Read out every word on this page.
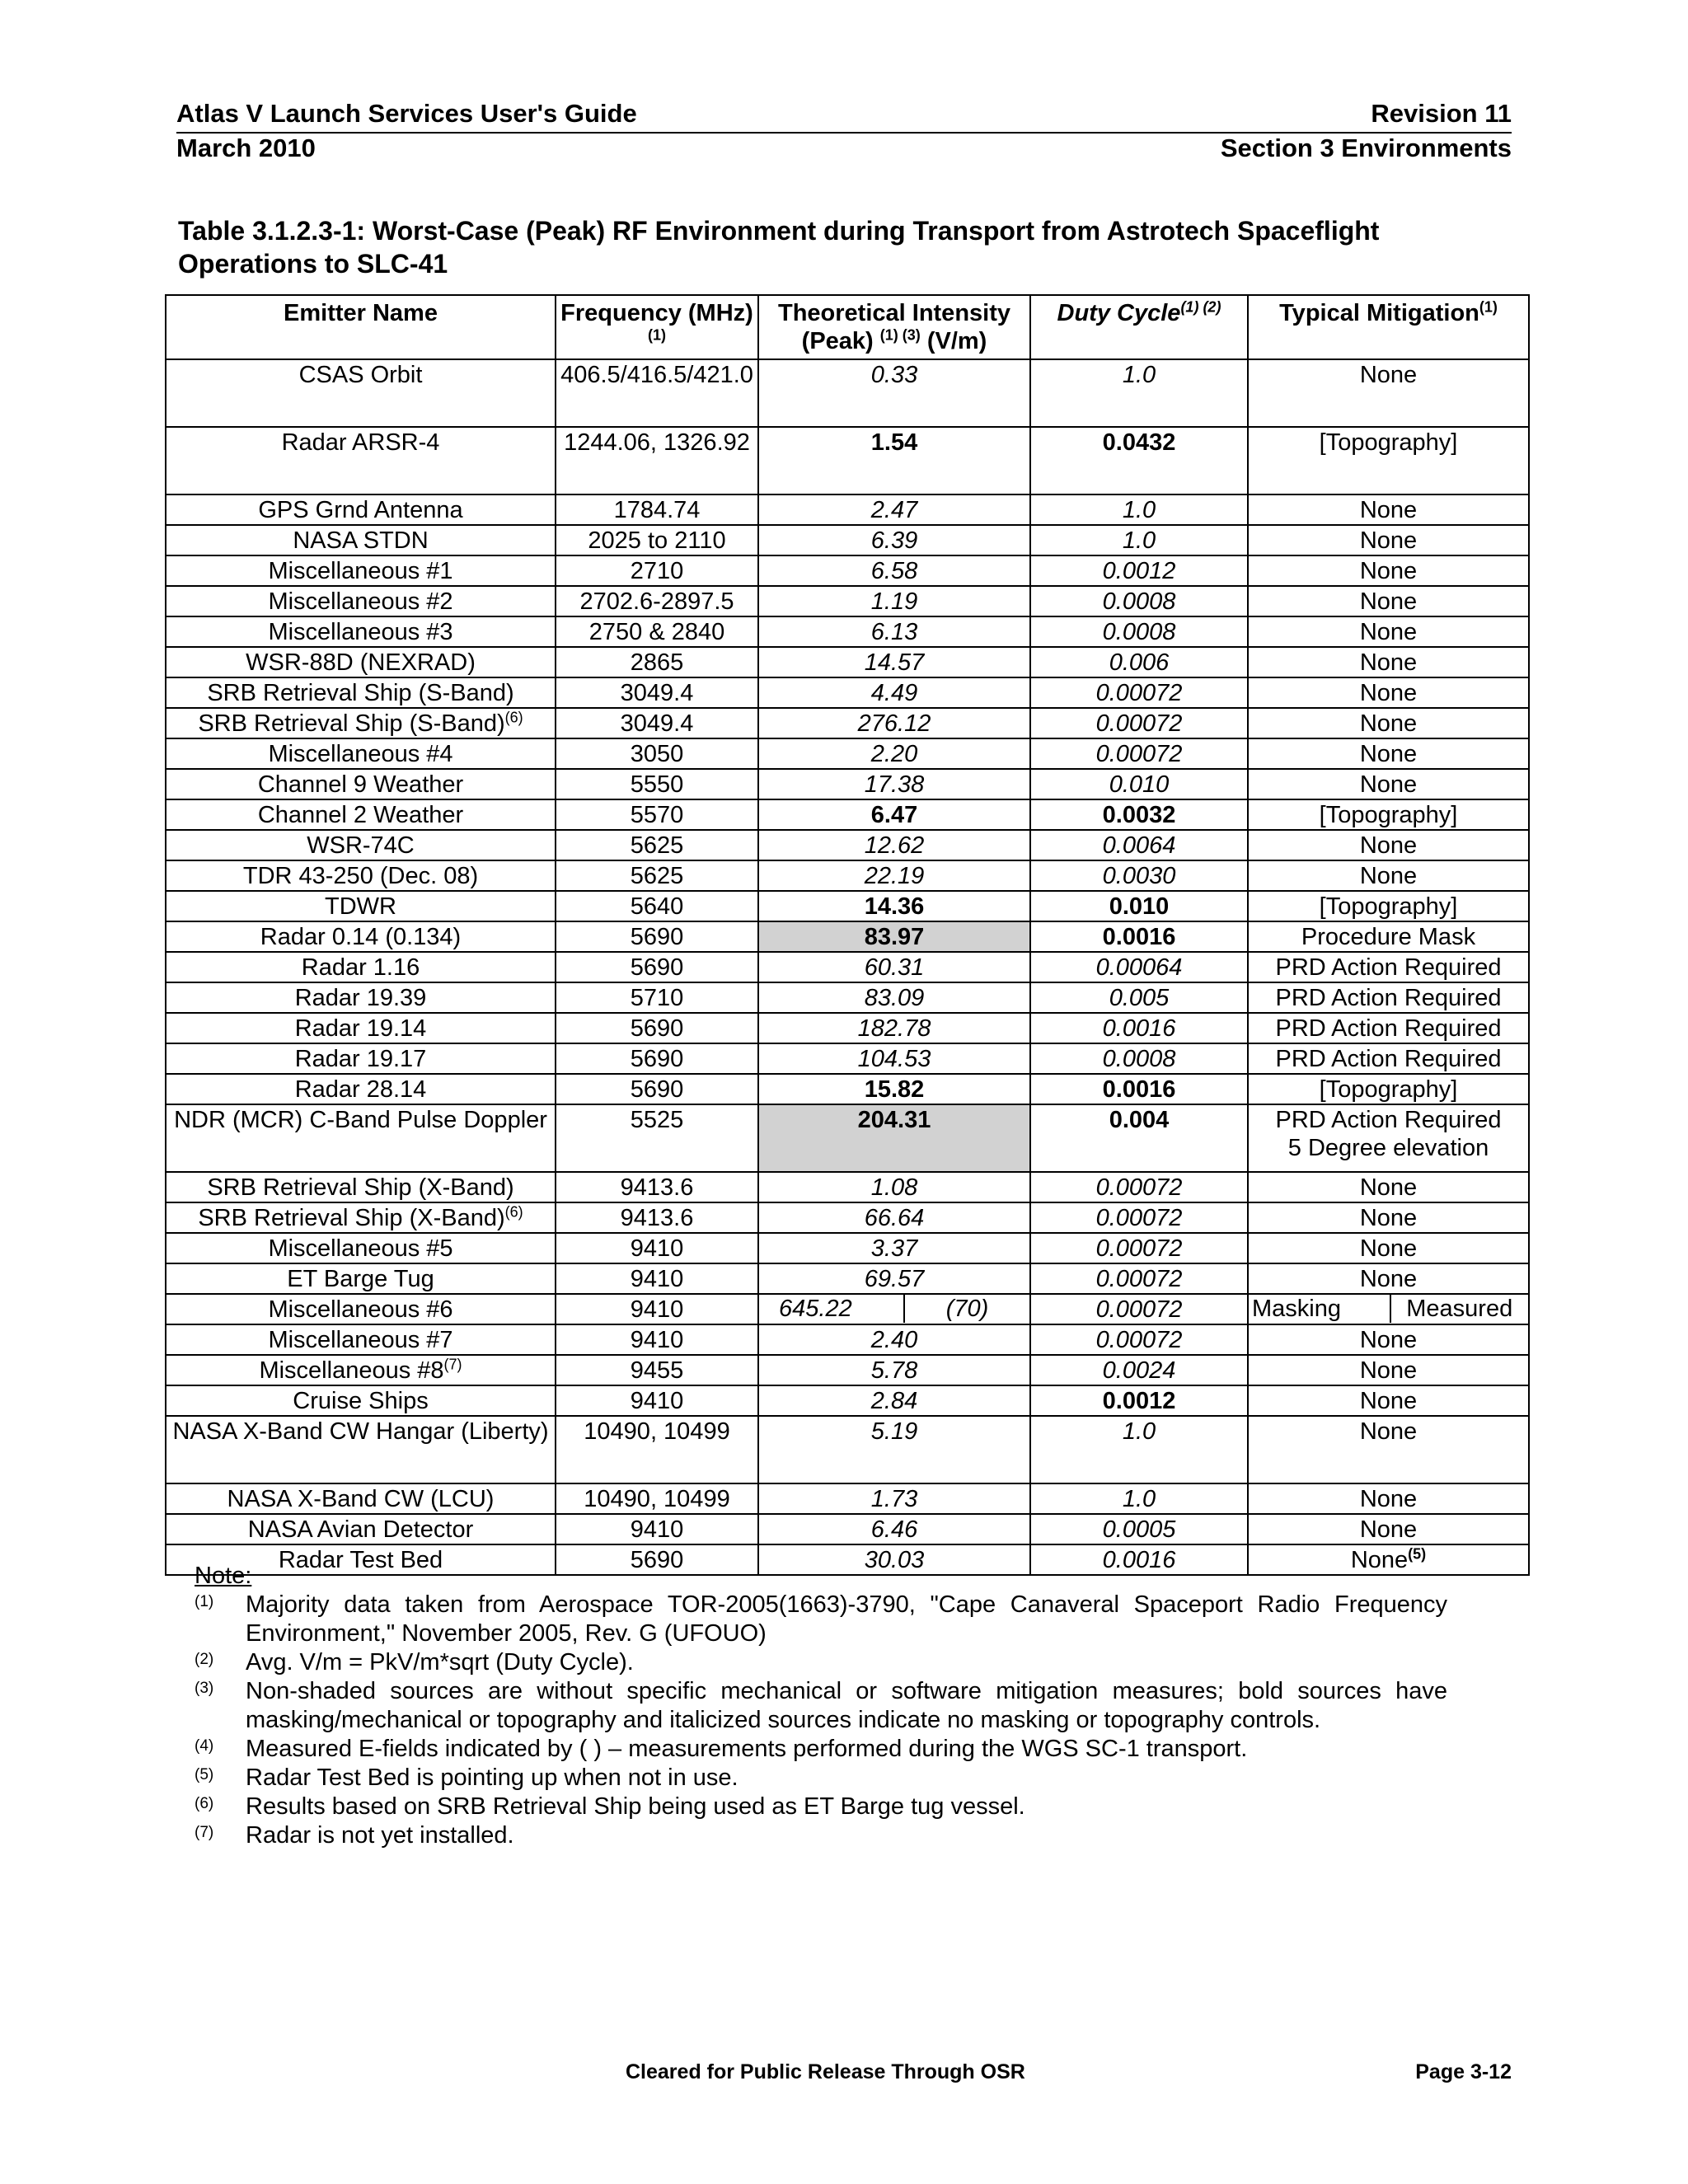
Atlas V Launch Services User's Guide	Revision 11
March 2010	Section 3 Environments
Table 3.1.2.3-1: Worst-Case (Peak) RF Environment during Transport from Astrotech Spaceflight Operations to SLC-41
Emitter Name	Frequency (MHz)$^{(1)}$	Theoretical Intensity (Peak) $^{(1) (3)}$ (V/m)	Duty Cycle$^{(1) (2)}$	Typical Mitigation$^{(1)}$
CSAS Orbit	406.5/416.5/421.0	0.33	1.0	None
Radar ARSR-4	1244.06, 1326.92	1.54	0.0432	[Topography]
GPS Grnd Antenna	1784.74	2.47	1.0	None
NASA STDN	2025 to 2110	6.39	1.0	None
Miscellaneous #1	2710	6.58	0.0012	None
Miscellaneous #2	2702.6-2897.5	1.19	0.0008	None
Miscellaneous #3	2750 & 2840	6.13	0.0008	None
WSR-88D (NEXRAD)	2865	14.57	0.006	None
SRB Retrieval Ship (S-Band)	3049.4	4.49	0.00072	None
SRB Retrieval Ship (S-Band)$^{(6)}$	3049.4	276.12	0.00072	None
Miscellaneous #4	3050	2.20	0.00072	None
Channel 9 Weather	5550	17.38	0.010	None
Channel 2 Weather	5570	6.47	0.0032	[Topography]
WSR-74C	5625	12.62	0.0064	None
TDR 43-250 (Dec. 08)	5625	22.19	0.0030	None
TDWR	5640	14.36	0.010	[Topography]
Radar 0.14 (0.134)	5690	83.97	0.0016	Procedure Mask
Radar 1.16	5690	60.31	0.00064	PRD Action Required
Radar 19.39	5710	83.09	0.005	PRD Action Required
Radar 19.14	5690	182.78	0.0016	PRD Action Required
Radar 19.17	5690	104.53	0.0008	PRD Action Required
Radar 28.14	5690	15.82	0.0016	[Topography]
NDR (MCR) C-Band Pulse Doppler	5525	204.31	0.004	PRD Action Required
5 Degree elevation
SRB Retrieval Ship (X-Band)	9413.6	1.08	0.00072	None
SRB Retrieval Ship (X-Band)$^{(6)}$	9413.6	66.64	0.00072	None
Miscellaneous #5	9410	3.37	0.00072	None
ET Barge Tug	9410	69.57	0.00072	None
Miscellaneous #6	9410	645.22 (70)	0.00072	Masking Measured

Miscellaneous #7	9410	2.40	0.00072	None
Miscellaneous #8$^{(7)}$	9455	5.78	0.0024	None
Cruise Ships	9410	2.84	0.0012	None
NASA X-Band CW Hangar (Liberty)	10490, 10499	5.19	1.0	None
NASA X-Band CW (LCU)	10490, 10499	1.73	1.0	None
NASA Avian Detector	9410	6.46	0.0005	None
Radar Test Bed	5690	30.03	0.0016	None$^{(5)}$
Note:
(1) Majority data taken from Aerospace TOR-2005(1663)-3790, "Cape Canaveral Spaceport Radio Frequency Environment," November 2005, Rev. G (UFOUO)
(2) Avg. V/m = PkV/m*sqrt (Duty Cycle).
(3) Non-shaded sources are without specific mechanical or software mitigation measures; bold sources have masking/mechanical or topography and italicized sources indicate no masking or topography controls.
(4) Measured E-fields indicated by ( ) – measurements performed during the WGS SC-1 transport.
(5) Radar Test Bed is pointing up when not in use.
(6) Results based on SRB Retrieval Ship being used as ET Barge tug vessel.
(7) Radar is not yet installed.
Cleared for Public Release Through OSR	Page 3-12
